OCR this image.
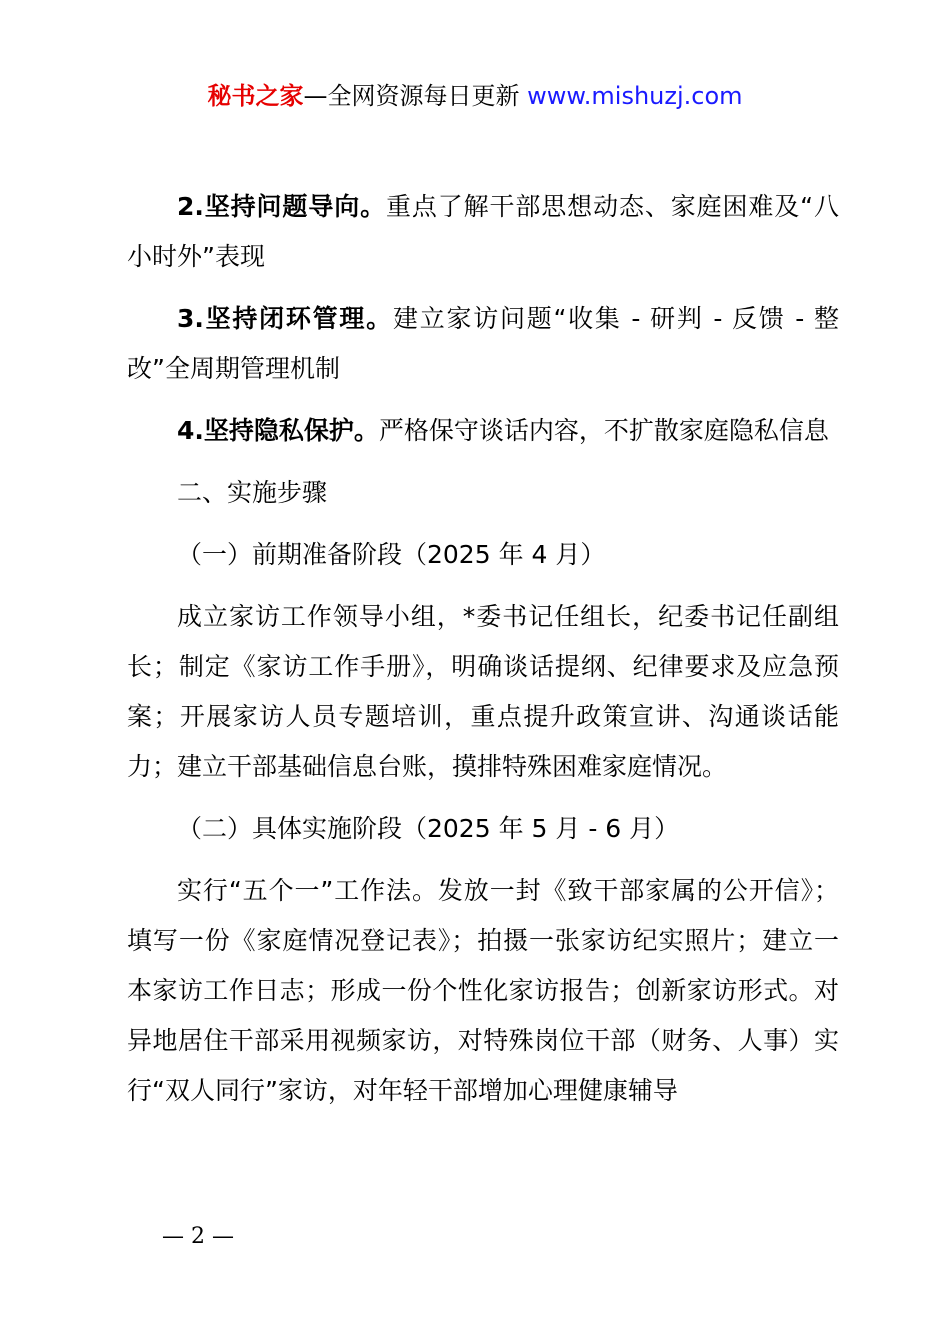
秘书之家—全网资源每日更新 www.mishuzj.com

2.坚持问题导向。重点了解干部思想动态、家庭困难及“八小时外”表现

3.坚持闭环管理。建立家访问题“收集 - 研判 - 反馈 - 整改”全周期管理机制

4.坚持隐私保护。严格保守谈话内容，不扩散家庭隐私信息

二、实施步骤

（一）前期准备阶段（2025 年 4 月）

成立家访工作领导小组，*委书记任组长，纪委书记任副组长；制定《家访工作手册》，明确谈话提纲、纪律要求及应急预案；开展家访人员专题培训，重点提升政策宣讲、沟通谈话能力；建立干部基础信息台账，摸排特殊困难家庭情况。

（二）具体实施阶段（2025 年 5 月 - 6 月）

实行“五个一”工作法。发放一封《致干部家属的公开信》；填写一份《家庭情况登记表》；拍摄一张家访纪实照片；建立一本家访工作日志；形成一份个性化家访报告；创新家访形式。对异地居住干部采用视频家访，对特殊岗位干部（财务、人事）实行“双人同行”家访，对年轻干部增加心理健康辅导

— 2 —
